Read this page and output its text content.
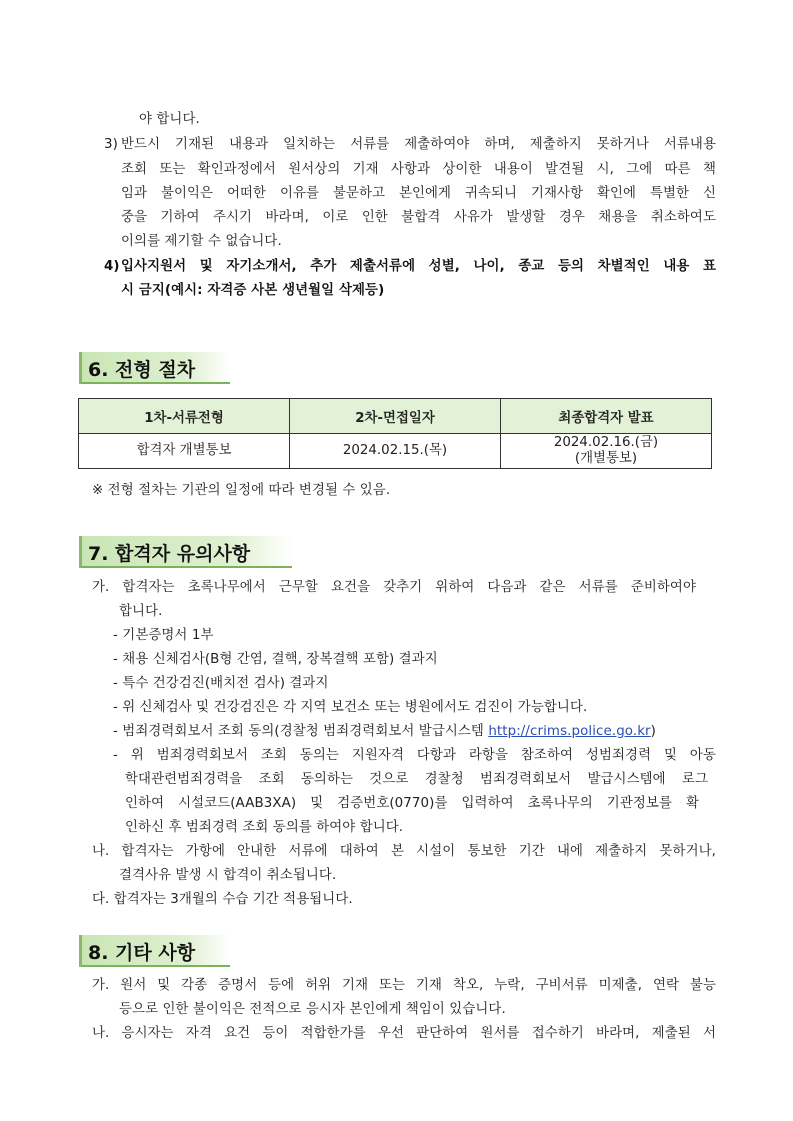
야 합니다.
3) 반드시 기재된 내용과 일치하는 서류를 제출하여야 하며, 제출하지 못하거나 서류내용
조회 또는 확인과정에서 원서상의 기재 사항과 상이한 내용이 발견될 시, 그에 따른 책
임과 불이익은 어떠한 이유를 불문하고 본인에게 귀속되니 기재사항 확인에 특별한 신
중을 기하여 주시기 바라며, 이로 인한 불합격 사유가 발생할 경우 채용을 취소하여도
이의를 제기할 수 없습니다.
4) 입사지원서 및 자기소개서, 추가 제출서류에 성별, 나이, 종교 등의 차별적인 내용 표
시 금지(예시: 자격증 사본 생년월일 삭제등)
6. 전형 절차
1차-서류전형	2차-면접일자	최종합격자 발표
합격자 개별통보	2024.02.15.(목)	2024.02.16.(금)
(개별통보)
※ 전형 절차는 기관의 일정에 따라 변경될 수 있음.
7. 합격자 유의사항
가. 합격자는 초록나무에서 근무할 요건을 갖추기 위하여 다음과 같은 서류를 준비하여야
합니다.
- 기본증명서 1부
- 채용 신체검사(B형 간염, 결핵, 장복결핵 포함) 결과지
- 특수 건강검진(배치전 검사) 결과지
- 위 신체검사 및 건강검진은 각 지역 보건소 또는 병원에서도 검진이 가능합니다.
- 범죄경력회보서 조회 동의(경찰청 범죄경력회보서 발급시스템 http://crims.police.go.kr)
- 위 범죄경력회보서 조회 동의는 지원자격 다항과 라항을 참조하여 성범죄경력 및 아동
학대관련범죄경력을 조회 동의하는 것으로 경찰청 범죄경력회보서 발급시스템에 로그
인하여 시설코드(AAB3XA) 및 검증번호(0770)를 입력하여 초록나무의 기관정보를 확
인하신 후 범죄경력 조회 동의를 하여야 합니다.
나. 합격자는 가항에 안내한 서류에 대하여 본 시설이 통보한 기간 내에 제출하지 못하거나,
결격사유 발생 시 합격이 취소됩니다.
다. 합격자는 3개월의 수습 기간 적용됩니다.
8. 기타 사항
가. 원서 및 각종 증명서 등에 허위 기재 또는 기재 착오, 누락, 구비서류 미제출, 연락 불능
등으로 인한 불이익은 전적으로 응시자 본인에게 책임이 있습니다.
나. 응시자는 자격 요건 등이 적합한가를 우선 판단하여 원서를 접수하기 바라며, 제출된 서
